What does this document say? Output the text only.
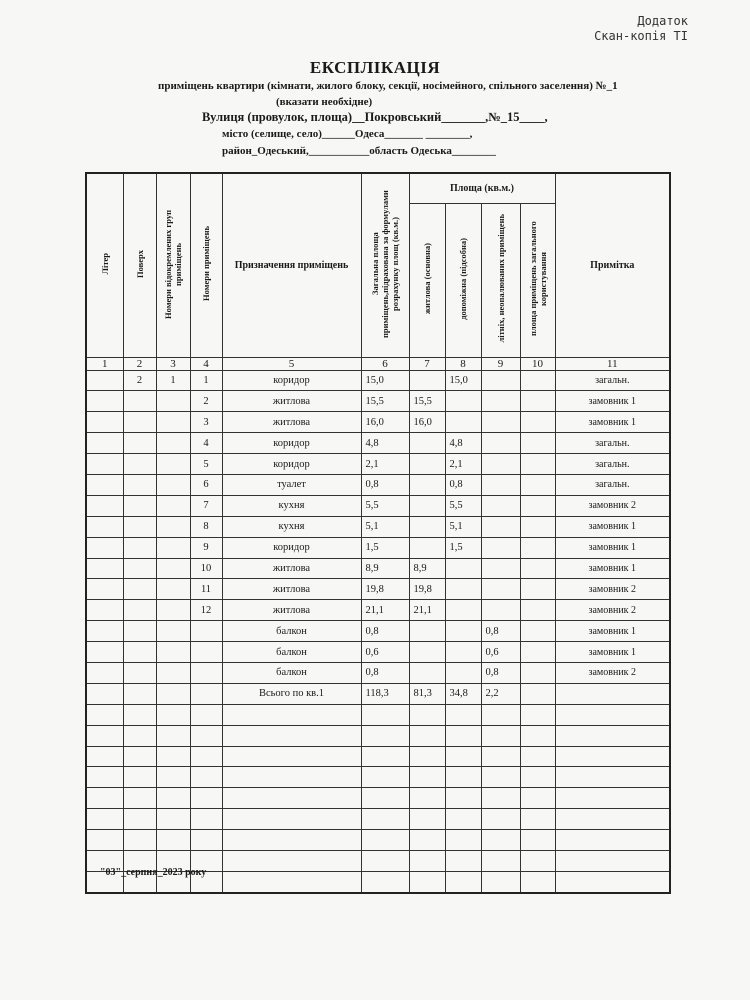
Додаток
Скан-копія ТІ
ЕКСПЛІКАЦІЯ
приміщень квартири (кімнати, жилого блоку, секції, носімейного, спільного заселення) №_1
(вказати необхідне)
Вулиця (провулок, площа)__Покровський_______,№_15____,
місто (селище, село)______Одеса_______ ________,
район_Одеський,___________область Одеська________
Літер	Поверх	Номери відокремлених груп приміщень	Номери приміщень	Призначення приміщень	Загальна площа приміщень,підрахована за формулами розрахунку площ (кв.м.)	Площа (кв.м.)				Примітка
						житлова (основна)	допоміжна (підсобна)	літніх, неопалюваних приміщень	площа приміщень загального користування	
1	2	3	4	5	6	7	8	9	10	11
	2	1	1	коридор	15,0		15,0			загальн.
			2	житлова	15,5	15,5				замовник 1
			3	житлова	16,0	16,0				замовник 1
			4	коридор	4,8		4,8			загальн.
			5	коридор	2,1		2,1			загальн.
			6	туалет	0,8		0,8			загальн.
			7	кухня	5,5		5,5			замовник 2
			8	кухня	5,1		5,1			замовник 1
			9	коридор	1,5		1,5			замовник 1
			10	житлова	8,9	8,9				замовник 1
			11	житлова	19,8	19,8				замовник 2
			12	житлова	21,1	21,1				замовник 2
				балкон	0,8			0,8		замовник 1
				балкон	0,6			0,6		замовник 1
				балкон	0,8			0,8		замовник 2
				Всього по кв.1	118,3	81,3	34,8	2,2		

"03"_серпня_2023 року
